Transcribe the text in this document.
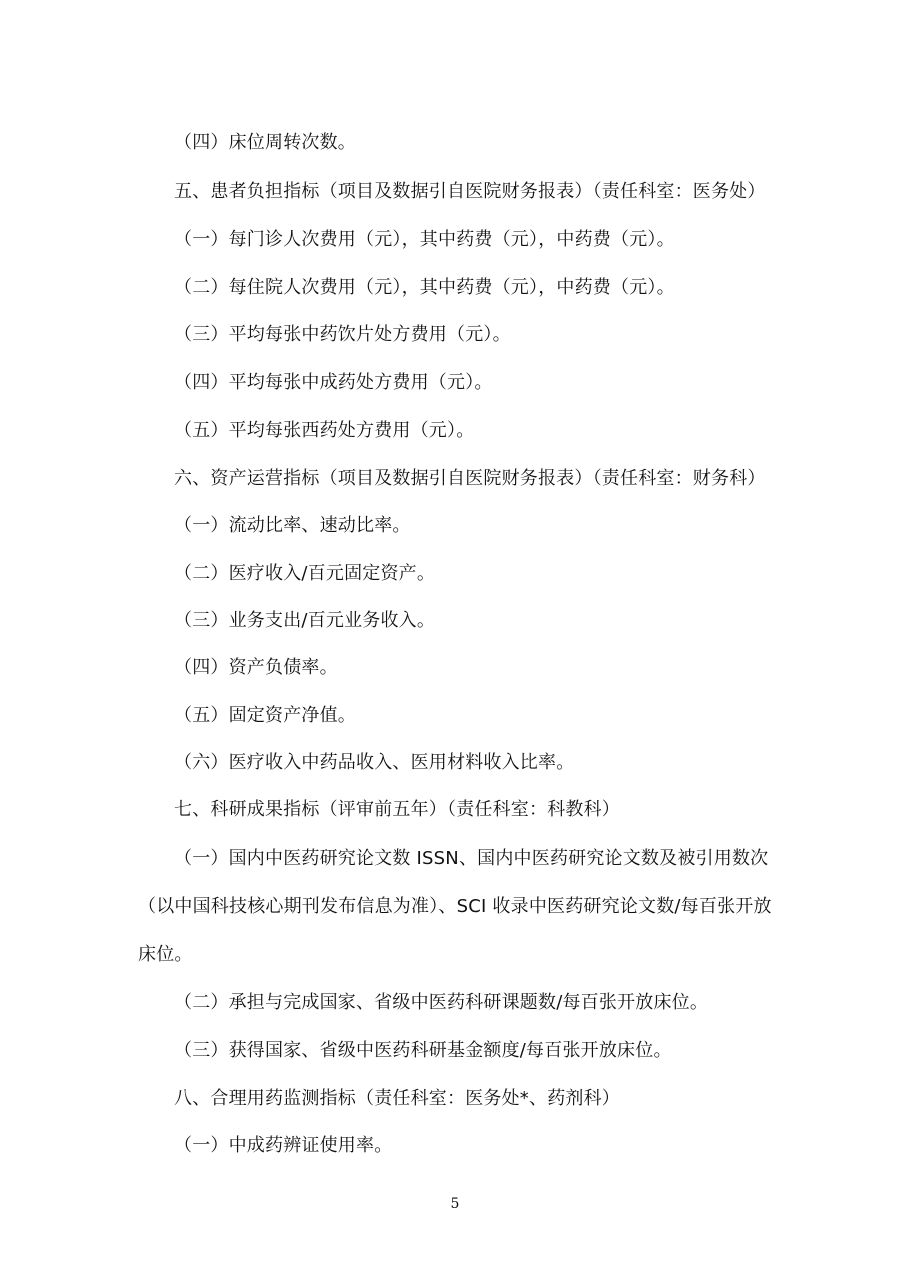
（四）床位周转次数。
五、患者负担指标（项目及数据引自医院财务报表）（责任科室：医务处）
（一）每门诊人次费用（元），其中药费（元），中药费（元）。
（二）每住院人次费用（元），其中药费（元），中药费（元）。
（三）平均每张中药饮片处方费用（元）。
（四）平均每张中成药处方费用（元）。
（五）平均每张西药处方费用（元）。
六、资产运营指标（项目及数据引自医院财务报表）（责任科室：财务科）
（一）流动比率、速动比率。
（二）医疗收入/百元固定资产。
（三）业务支出/百元业务收入。
（四）资产负债率。
（五）固定资产净值。
（六）医疗收入中药品收入、医用材料收入比率。
七、科研成果指标（评审前五年）（责任科室：科教科）
（一）国内中医药研究论文数 ISSN、国内中医药研究论文数及被引用数次
（以中国科技核心期刊发布信息为准）、SCI 收录中医药研究论文数/每百张开放
床位。
（二）承担与完成国家、省级中医药科研课题数/每百张开放床位。
（三）获得国家、省级中医药科研基金额度/每百张开放床位。
八、合理用药监测指标（责任科室：医务处*、药剂科）
（一）中成药辨证使用率。
5
